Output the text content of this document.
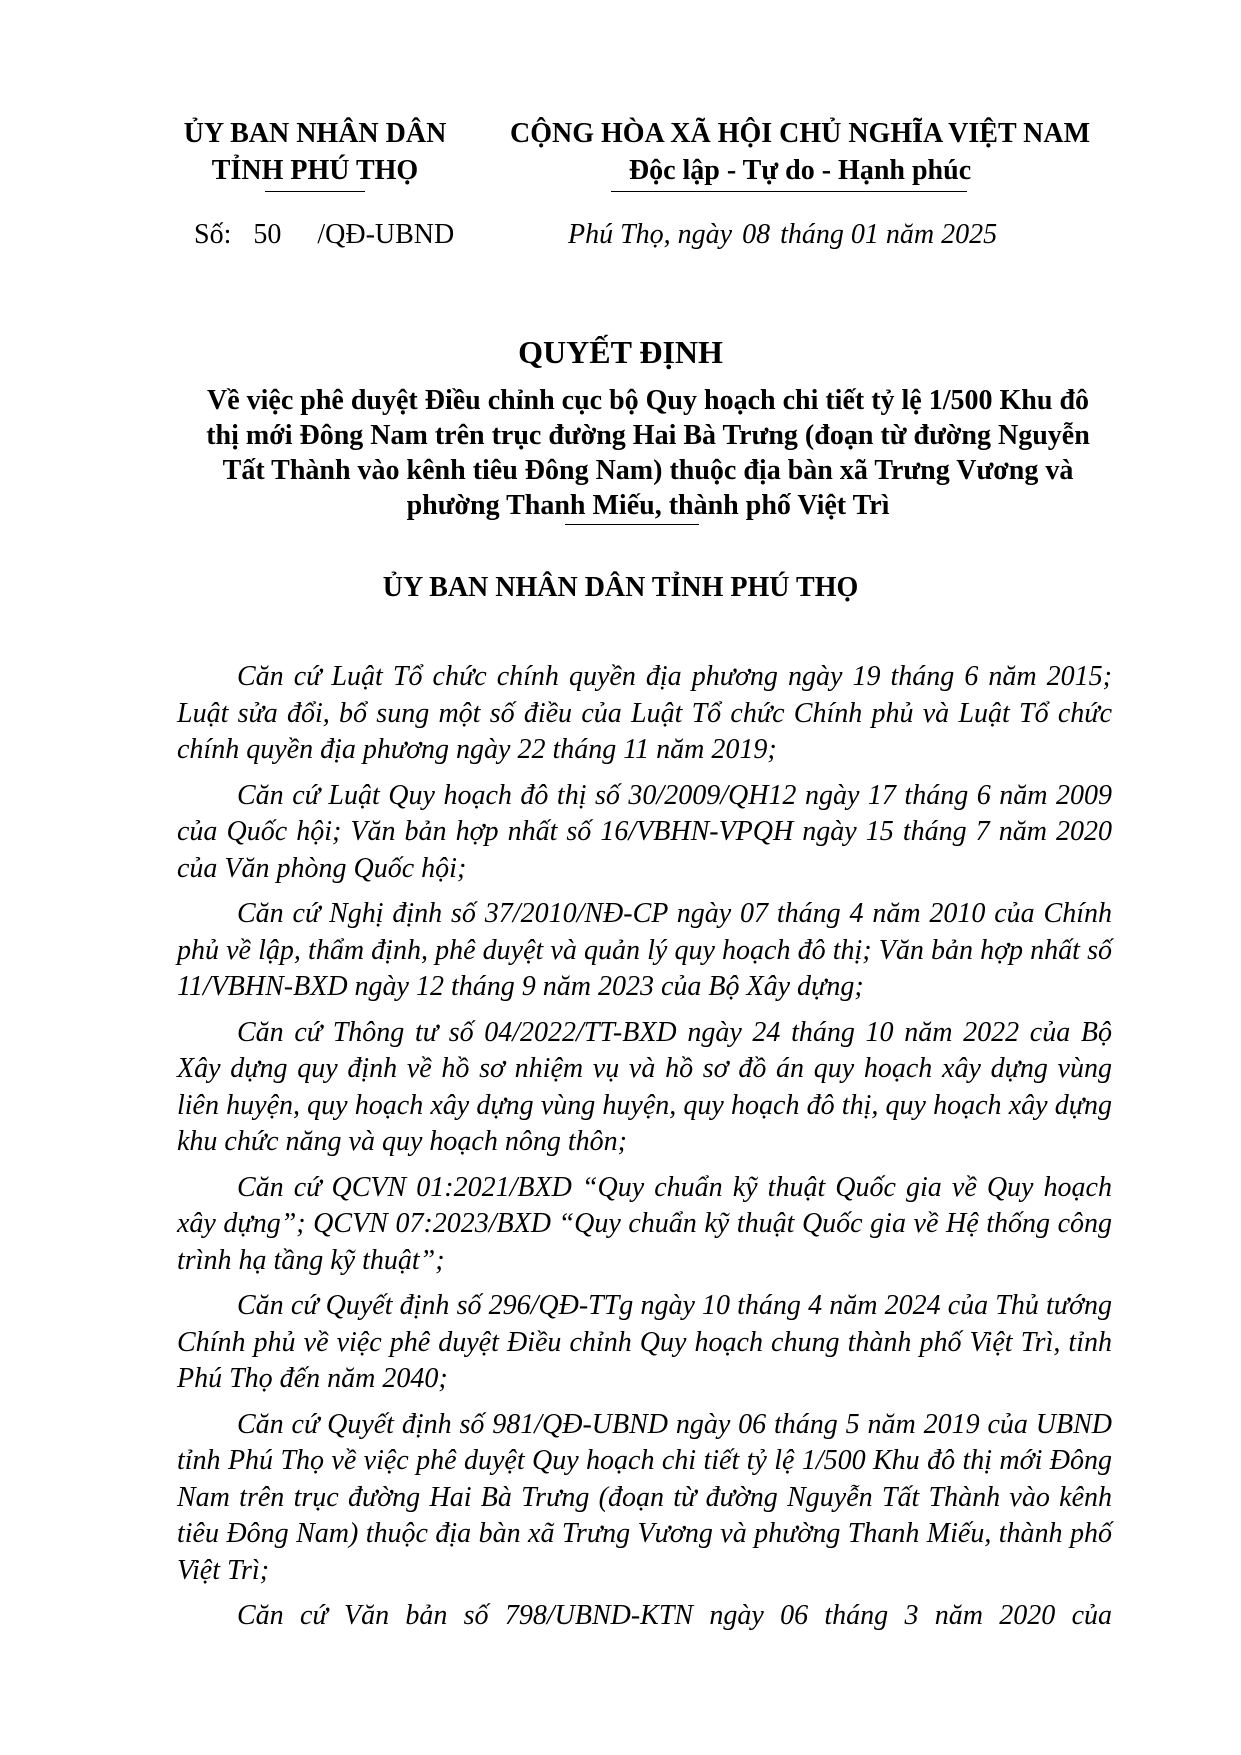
ỦY BAN NHÂN DÂN
TỈNH PHÚ THỌ
CỘNG HÒA XÃ HỘI CHỦ NGHĨA VIỆT NAM
Độc lập - Tự do - Hạnh phúc
Số: 50 /QĐ-UBND	Phú Thọ, ngày 08 tháng 01 năm 2025
QUYẾT ĐỊNH
Về việc phê duyệt Điều chỉnh cục bộ Quy hoạch chi tiết tỷ lệ 1/500 Khu đô
thị mới Đông Nam trên trục đường Hai Bà Trưng (đoạn từ đường Nguyễn
Tất Thành vào kênh tiêu Đông Nam) thuộc địa bàn xã Trưng Vương và
phường Thanh Miếu, thành phố Việt Trì
ỦY BAN NHÂN DÂN TỈNH PHÚ THỌ

Căn cứ Luật Tổ chức chính quyền địa phương ngày 19 tháng 6 năm 2015; Luật sửa đổi, bổ sung một số điều của Luật Tổ chức Chính phủ và Luật Tổ chức chính quyền địa phương ngày 22 tháng 11 năm 2019;

Căn cứ Luật Quy hoạch đô thị số 30/2009/QH12 ngày 17 tháng 6 năm 2009 của Quốc hội; Văn bản hợp nhất số 16/VBHN-VPQH ngày 15 tháng 7 năm 2020 của Văn phòng Quốc hội;

Căn cứ Nghị định số 37/2010/NĐ-CP ngày 07 tháng 4 năm 2010 của Chính phủ về lập, thẩm định, phê duyệt và quản lý quy hoạch đô thị; Văn bản hợp nhất số 11/VBHN-BXD ngày 12 tháng 9 năm 2023 của Bộ Xây dựng;

Căn cứ Thông tư số 04/2022/TT-BXD ngày 24 tháng 10 năm 2022 của Bộ Xây dựng quy định về hồ sơ nhiệm vụ và hồ sơ đồ án quy hoạch xây dựng vùng liên huyện, quy hoạch xây dựng vùng huyện, quy hoạch đô thị, quy hoạch xây dựng khu chức năng và quy hoạch nông thôn;

Căn cứ QCVN 01:2021/BXD “Quy chuẩn kỹ thuật Quốc gia về Quy hoạch xây dựng”; QCVN 07:2023/BXD “Quy chuẩn kỹ thuật Quốc gia về Hệ thống công trình hạ tầng kỹ thuật”;

Căn cứ Quyết định số 296/QĐ-TTg ngày 10 tháng 4 năm 2024 của Thủ tướng Chính phủ về việc phê duyệt Điều chỉnh Quy hoạch chung thành phố Việt Trì, tỉnh Phú Thọ đến năm 2040;

Căn cứ Quyết định số 981/QĐ-UBND ngày 06 tháng 5 năm 2019 của UBND tỉnh Phú Thọ về việc phê duyệt Quy hoạch chi tiết tỷ lệ 1/500 Khu đô thị mới Đông Nam trên trục đường Hai Bà Trưng (đoạn từ đường Nguyễn Tất Thành vào kênh tiêu Đông Nam) thuộc địa bàn xã Trưng Vương và phường Thanh Miếu, thành phố Việt Trì;

Căn cứ Văn bản số 798/UBND-KTN ngày 06 tháng 3 năm 2020 của
